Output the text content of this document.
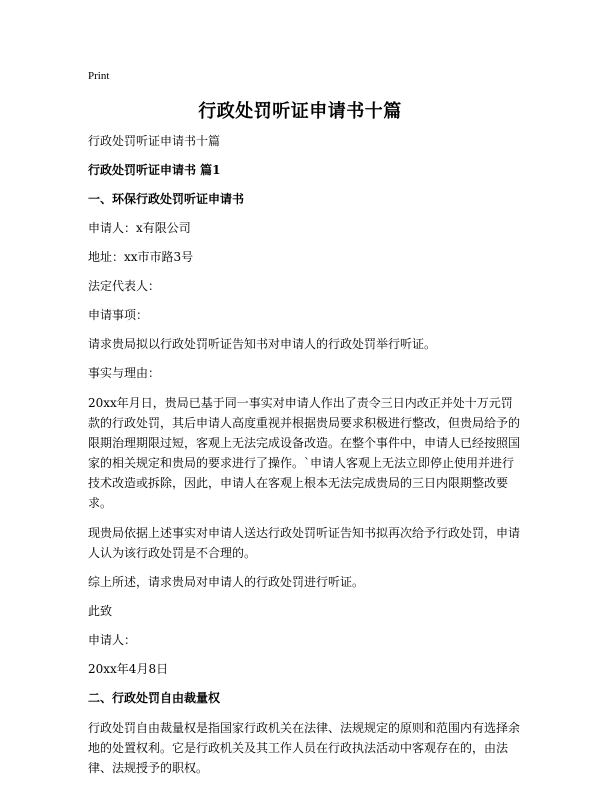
Print
行政处罚听证申请书十篇

行政处罚听证申请书十篇

行政处罚听证申请书 篇1

一、环保行政处罚听证申请书

申请人：x有限公司

地址：xx市市路3号

法定代表人：

申请事项：

请求贵局拟以行政处罚听证告知书对申请人的行政处罚举行听证。

事实与理由：

20xx年月日，贵局已基于同一事实对申请人作出了责令三日内改正并处十万元罚款的行政处罚，其后申请人高度重视并根据贵局要求积极进行整改，但贵局给予的限期治理期限过短，客观上无法完成设备改造。在整个事件中，申请人已经按照国家的相关规定和贵局的要求进行了操作。`申请人客观上无法立即停止使用并进行技术改造或拆除，因此，申请人在客观上根本无法完成贵局的三日内限期整改要求。

现贵局依据上述事实对申请人送达行政处罚听证告知书拟再次给予行政处罚，申请人认为该行政处罚是不合理的。

综上所述，请求贵局对申请人的行政处罚进行听证。

此致

申请人：

20xx年4月8日

二、行政处罚自由裁量权

行政处罚自由裁量权是指国家行政机关在法律、法规规定的原则和范围内有选择余地的处置权利。它是行政机关及其工作人员在行政执法活动中客观存在的，由法律、法规授予的职权。
